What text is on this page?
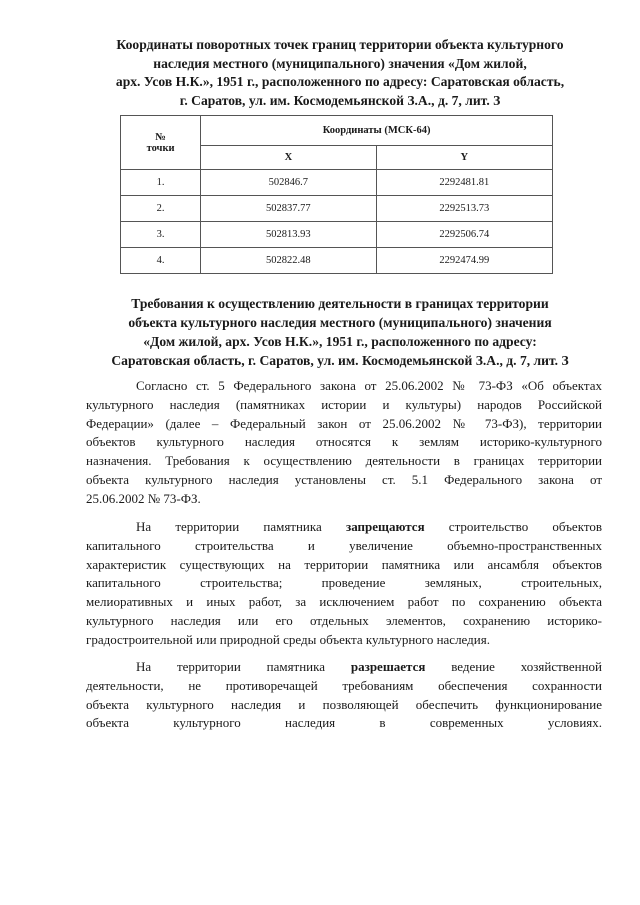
Координаты поворотных точек границ территории объекта культурного
наследия местного (муниципального) значения «Дом жилой,
арх. Усов Н.К.», 1951 г., расположенного по адресу: Саратовская область,
г. Саратов, ул. им. Космодемьянской З.А., д. 7, лит. З
№
точки	Координаты (МСК-64)	
	X	Y
1.	502846.7	2292481.81
2.	502837.77	2292513.73
3.	502813.93	2292506.74
4.	502822.48	2292474.99
Требования к осуществлению деятельности в границах территории
объекта культурного наследия местного (муниципального) значения
«Дом жилой, арх. Усов Н.К.», 1951 г., расположенного по адресу:
Саратовская область, г. Саратов, ул. им. Космодемьянской З.А., д. 7, лит. З
Согласно ст. 5 Федерального закона от 25.06.2002 № 73-ФЗ «Об объектах
культурного наследия (памятниках истории и культуры) народов Российской
Федерации» (далее – Федеральный закон от 25.06.2002 № 73-ФЗ), территории
объектов культурного наследия относятся к землям историко-культурного
назначения. Требования к осуществлению деятельности в границах территории
объекта культурного наследия установлены ст. 5.1 Федерального закона от
25.06.2002 № 73-ФЗ.
На территории памятника запрещаются строительство объектов
капитального строительства и увеличение объемно-пространственных
характеристик существующих на территории памятника или ансамбля объектов
капитального строительства; проведение земляных, строительных,
мелиоративных и иных работ, за исключением работ по сохранению объекта
культурного наследия или его отдельных элементов, сохранению историко-
градостроительной или природной среды объекта культурного наследия.
На территории памятника разрешается ведение хозяйственной
деятельности, не противоречащей требованиям обеспечения сохранности
объекта культурного наследия и позволяющей обеспечить функционирование
объекта культурного наследия в современных условиях.
